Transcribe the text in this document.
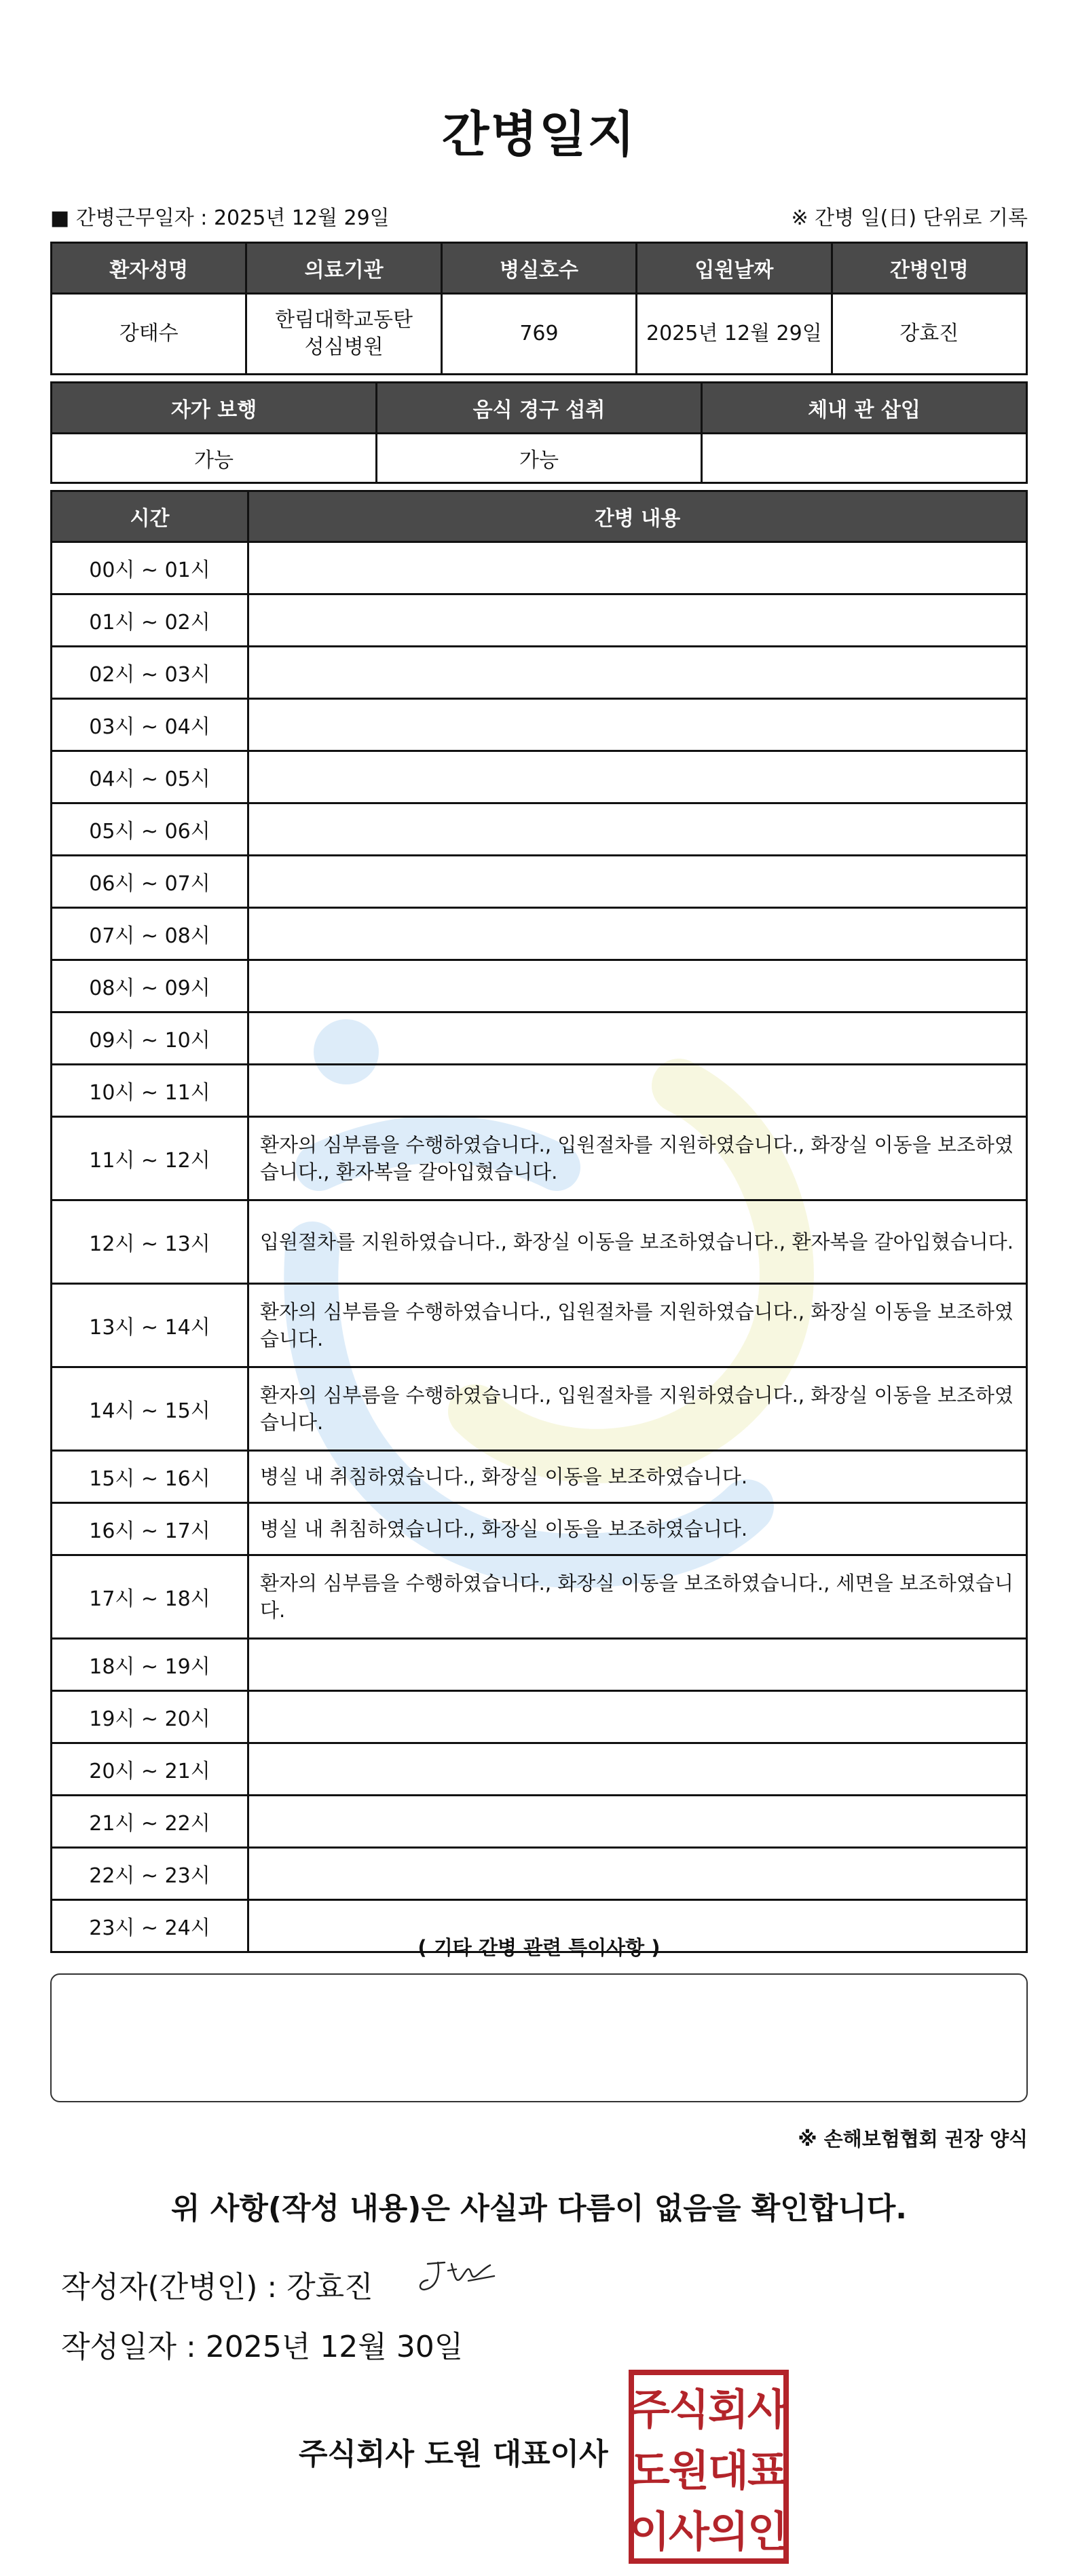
간병일지
■ 간병근무일자 : 2025년 12월 29일	※ 간병 일(日) 단위로 기록
환자성명	의료기관	병실호수	입원날짜	간병인명
강태수	한림대학교동탄성심병원	769	2025년 12월 29일	강효진
자가 보행	음식 경구 섭취	체내 관 삽입
가능	가능	
시간	간병 내용
00시 ~ 01시	
01시 ~ 02시	
02시 ~ 03시	
03시 ~ 04시	
04시 ~ 05시	
05시 ~ 06시	
06시 ~ 07시	
07시 ~ 08시	
08시 ~ 09시	
09시 ~ 10시	
10시 ~ 11시	
11시 ~ 12시	환자의 심부름을 수행하였습니다., 입원절차를 지원하였습니다., 화장실 이동을 보조하였습니다., 환자복을 갈아입혔습니다.
12시 ~ 13시	입원절차를 지원하였습니다., 화장실 이동을 보조하였습니다., 환자복을 갈아입혔습니다.
13시 ~ 14시	환자의 심부름을 수행하였습니다., 입원절차를 지원하였습니다., 화장실 이동을 보조하였습니다.
14시 ~ 15시	환자의 심부름을 수행하였습니다., 입원절차를 지원하였습니다., 화장실 이동을 보조하였습니다.
15시 ~ 16시	병실 내 취침하였습니다., 화장실 이동을 보조하였습니다.
16시 ~ 17시	병실 내 취침하였습니다., 화장실 이동을 보조하였습니다.
17시 ~ 18시	환자의 심부름을 수행하였습니다., 화장실 이동을 보조하였습니다., 세면을 보조하였습니다.
18시 ~ 19시	
19시 ~ 20시	
20시 ~ 21시	
21시 ~ 22시	
22시 ~ 23시	
23시 ~ 24시	
( 기타 간병 관련 특이사항 )
※ 손해보험협회 권장 양식
위 사항(작성 내용)은 사실과 다름이 없음을 확인합니다.
작성자(간병인) : 강효진
작성일자 : 2025년 12월 30일
주식회사 도원 대표이사
주
식
회
사
도
원
대
표
이
사
의
인
